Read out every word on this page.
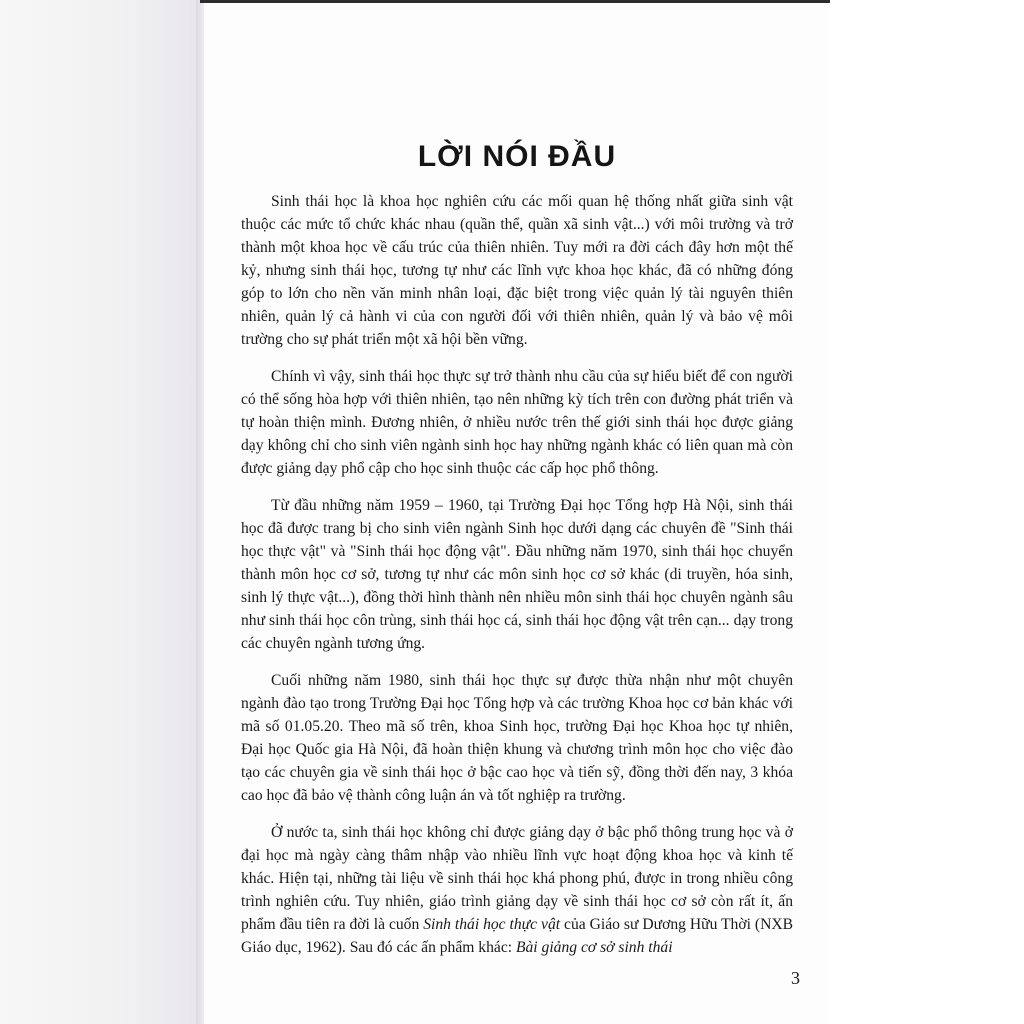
LỜI NÓI ĐẦU

Sinh thái học là khoa học nghiên cứu các mối quan hệ thống nhất giữa sinh vật thuộc các mức tổ chức khác nhau (quần thể, quần xã sinh vật...) với môi trường và trở thành một khoa học về cấu trúc của thiên nhiên. Tuy mới ra đời cách đây hơn một thế kỷ, nhưng sinh thái học, tương tự như các lĩnh vực khoa học khác, đã có những đóng góp to lớn cho nền văn minh nhân loại, đặc biệt trong việc quản lý tài nguyên thiên nhiên, quản lý cả hành vi của con người đối với thiên nhiên, quản lý và bảo vệ môi trường cho sự phát triển một xã hội bền vững.

Chính vì vậy, sinh thái học thực sự trở thành nhu cầu của sự hiểu biết để con người có thể sống hòa hợp với thiên nhiên, tạo nên những kỳ tích trên con đường phát triển và tự hoàn thiện mình. Đương nhiên, ở nhiều nước trên thế giới sinh thái học được giảng dạy không chỉ cho sinh viên ngành sinh học hay những ngành khác có liên quan mà còn được giảng dạy phổ cập cho học sinh thuộc các cấp học phổ thông.

Từ đầu những năm 1959 – 1960, tại Trường Đại học Tổng hợp Hà Nội, sinh thái học đã được trang bị cho sinh viên ngành Sinh học dưới dạng các chuyên đề "Sinh thái học thực vật" và "Sinh thái học động vật". Đầu những năm 1970, sinh thái học chuyển thành môn học cơ sở, tương tự như các môn sinh học cơ sở khác (di truyền, hóa sinh, sinh lý thực vật...), đồng thời hình thành nên nhiều môn sinh thái học chuyên ngành sâu như sinh thái học côn trùng, sinh thái học cá, sinh thái học động vật trên cạn... dạy trong các chuyên ngành tương ứng.

Cuối những năm 1980, sinh thái học thực sự được thừa nhận như một chuyên ngành đào tạo trong Trường Đại học Tổng hợp và các trường Khoa học cơ bản khác với mã số 01.05.20. Theo mã số trên, khoa Sinh học, trường Đại học Khoa học tự nhiên, Đại học Quốc gia Hà Nội, đã hoàn thiện khung và chương trình môn học cho việc đào tạo các chuyên gia về sinh thái học ở bậc cao học và tiến sỹ, đồng thời đến nay, 3 khóa cao học đã bảo vệ thành công luận án và tốt nghiệp ra trường.

Ở nước ta, sinh thái học không chỉ được giảng dạy ở bậc phổ thông trung học và ở đại học mà ngày càng thâm nhập vào nhiều lĩnh vực hoạt động khoa học và kinh tế khác. Hiện tại, những tài liệu về sinh thái học khá phong phú, được in trong nhiều công trình nghiên cứu. Tuy nhiên, giáo trình giảng dạy về sinh thái học cơ sở còn rất ít, ấn phẩm đầu tiên ra đời là cuốn Sinh thái học thực vật của Giáo sư Dương Hữu Thời (NXB Giáo dục, 1962). Sau đó các ấn phẩm khác: Bài giảng cơ sở sinh thái

3
